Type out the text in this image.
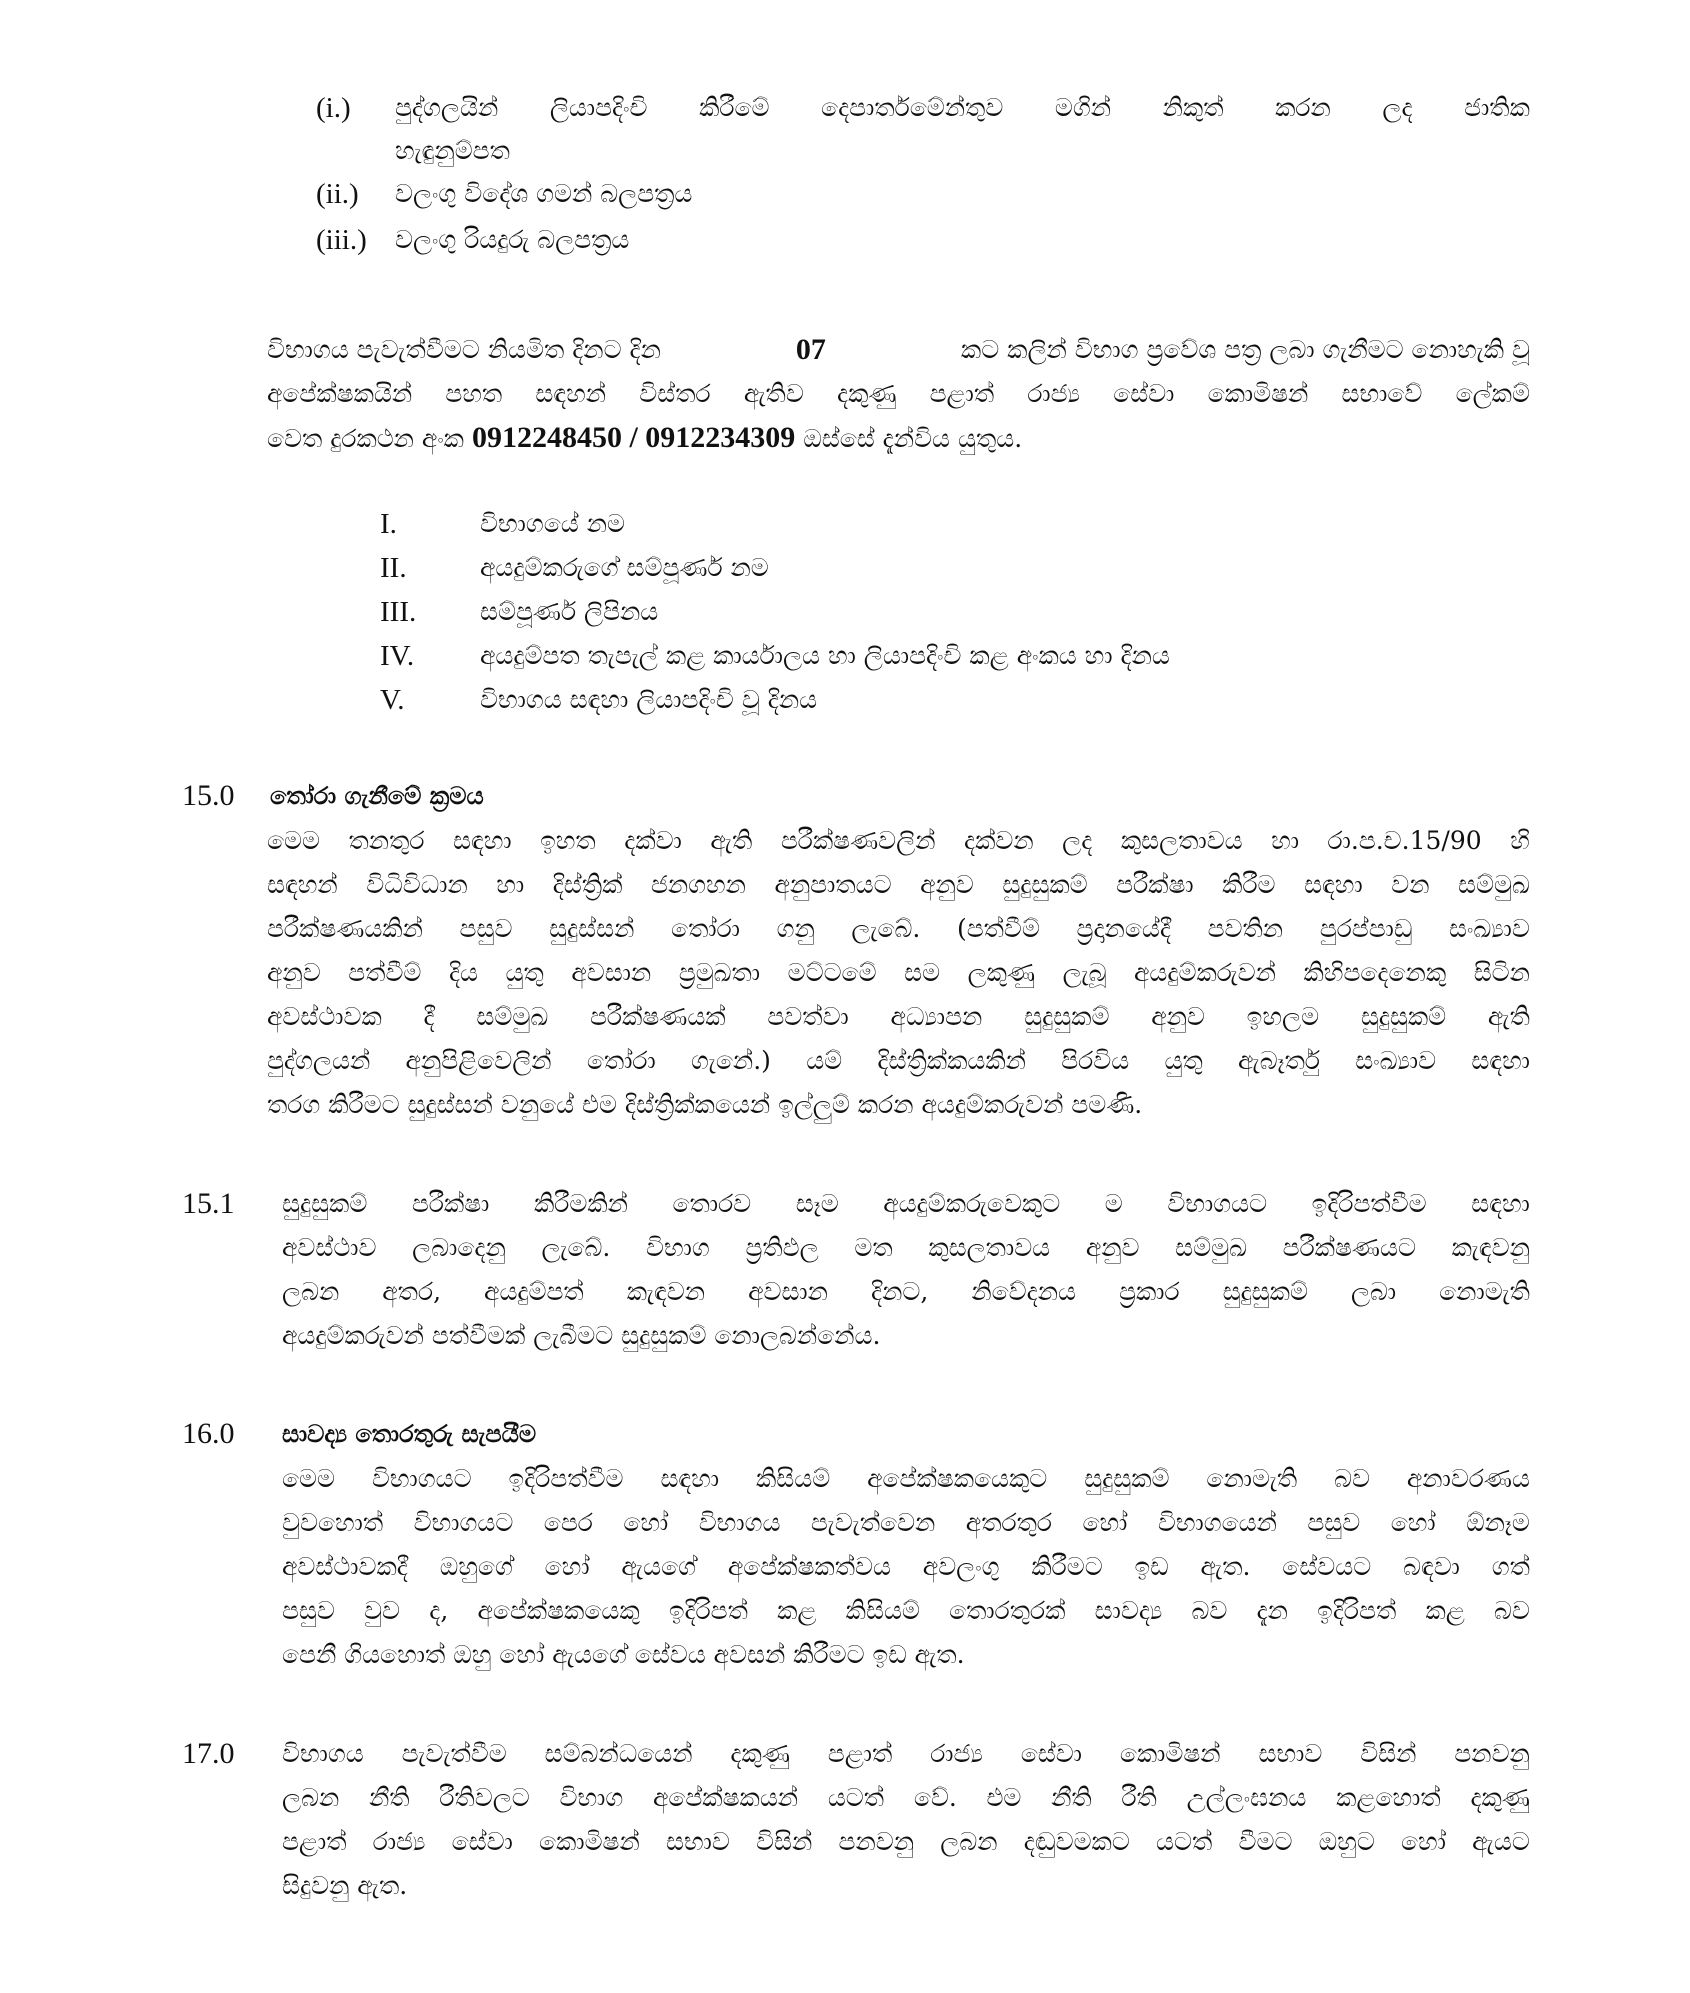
(i.) පුද්ගලයින් ලියාපදිංචි කිරීමේ දෙපාර්තමේන්තුව මගින් නිකුත් කරන ලද ජාතික
හැඳුනුම්පත
(ii.) වලංගු විදේශ ගමන් බලපත්‍රය
(iii.) වලංගු රියදුරු බලපත්‍රය
විභාගය පැවැත්වීමට නියමිත දිනට දින	07	කට කලින් විභාග ප්‍රවේශ පත්‍ර ලබා ගැනීමට නොහැකි වූ
අපේක්ෂකයින් පහත සඳහන් විස්තර ඇතිව දකුණු පළාත් රාජ්‍ය සේවා කොමිෂන් සභාවේ ලේකම්
වෙත දුරකථන අංක 0912248450 / 0912234309 ඔස්සේ දැන්විය යුතුය.
I.	විභාගයේ නම
II.	අයදුම්කරුගේ සම්පූර්ණ නම
III.	සම්පූර්ණ ලිපිනය
IV.	අයදුම්පත තැපැල් කළ කාර්යාලය හා ලියාපදිංචි කළ අංකය හා දිනය
V.	විභාගය සඳහා ලියාපදිංචි වූ දිනය
15.0 තෝරා ගැනීමේ ක්‍රමය
මෙම තනතුර සඳහා ඉහත දක්වා ඇති පරීක්ෂණවලින් දක්වන ලද කුසලතාවය හා රා.ප.ච.15/90 හි
සඳහන් විධිවිධාන හා දිස්ත්‍රික් ජනගහන අනුපාතයට අනුව සුදුසුකම් පරීක්ෂා කිරීම සඳහා වන සම්මුඛ
පරීක්ෂණයකින් පසුව සුදුස්සන් තෝරා ගනු ලැබේ. (පත්වීම් ප්‍රදානයේදී පවතින පුරප්පාඩු සංඛ්‍යාව
අනුව පත්වීම් දිය යුතු අවසාන ප්‍රමුඛතා මට්ටමේ සම ලකුණු ලැබූ අයදුම්කරුවන් කිහිපදෙනෙකු සිටින
අවස්ථාවක දී සම්මුඛ පරීක්ෂණයක් පවත්වා අධ්‍යාපන සුදුසුකම් අනුව ඉහලම සුදුසුකම් ඇති
පුද්ගලයන් අනුපිළිවෙලින් තෝරා ගැනේ.) යම් දිස්ත්‍රික්කයකින් පිරවිය යුතු ඇබෑර්තු සංඛ්‍යාව සඳහා
තරග කිරීමට සුදුස්සන් වනුයේ එම දිස්ත්‍රික්කයෙන් ඉල්ලුම් කරන අයදුම්කරුවන් පමණි.
15.1 සුදුසුකම් පරීක්ෂා කිරීමකින් තොරව සෑම අයදුම්කරුවෙකුට ම විභාගයට ඉදිරිපත්වීම සඳහා
අවස්ථාව ලබාදෙනු ලැබේ. විභාග ප්‍රතිඵල මත කුසලතාවය අනුව සම්මුඛ පරීක්ෂණයට කැඳවනු
ලබන අතර, අයදුම්පත් කැඳවන අවසාන දිනට, නිවේදනය ප්‍රකාර සුදුසුකම් ලබා නොමැති
අයදුම්කරුවන් පත්වීමක් ලැබීමට සුදුසුකම් නොලබන්නේය.
16.0 සාවද්‍ය තොරතුරු සැපයීම
මෙම විභාගයට ඉදිරිපත්වීම සඳහා කිසියම් අපේක්ෂකයෙකුට සුදුසුකම් නොමැති බව අනාවරණය
වුවහොත් විභාගයට පෙර හෝ විභාගය පැවැත්වෙන අතරතුර හෝ විභාගයෙන් පසුව හෝ ඕනෑම
අවස්ථාවකදී ඔහුගේ හෝ ඇයගේ අපේක්ෂකත්වය අවලංගු කිරීමට ඉඩ ඇත. සේවයට බඳවා ගත්
පසුව වුව ද, අපේක්ෂකයෙකු ඉදිරිපත් කළ කිසියම් තොරතුරක් සාවද්‍ය බව දැන ඉදිරිපත් කළ බව
පෙනී ගියහොත් ඔහු හෝ ඇයගේ සේවය අවසන් කිරීමට ඉඩ ඇත.
17.0 විභාගය පැවැත්වීම සම්බන්ධයෙන් දකුණු පළාත් රාජ්‍ය සේවා කොමිෂන් සභාව විසින් පනවනු
ලබන නීති රීතිවලට විභාග අපේක්ෂකයන් යටත් වේ. එම නීති රීති උල්ලංඝනය කළහොත් දකුණු
පළාත් රාජ්‍ය සේවා කොමිෂන් සභාව විසින් පනවනු ලබන දඬුවමකට යටත් වීමට ඔහුට හෝ ඇයට
සිදුවනු ඇත.
